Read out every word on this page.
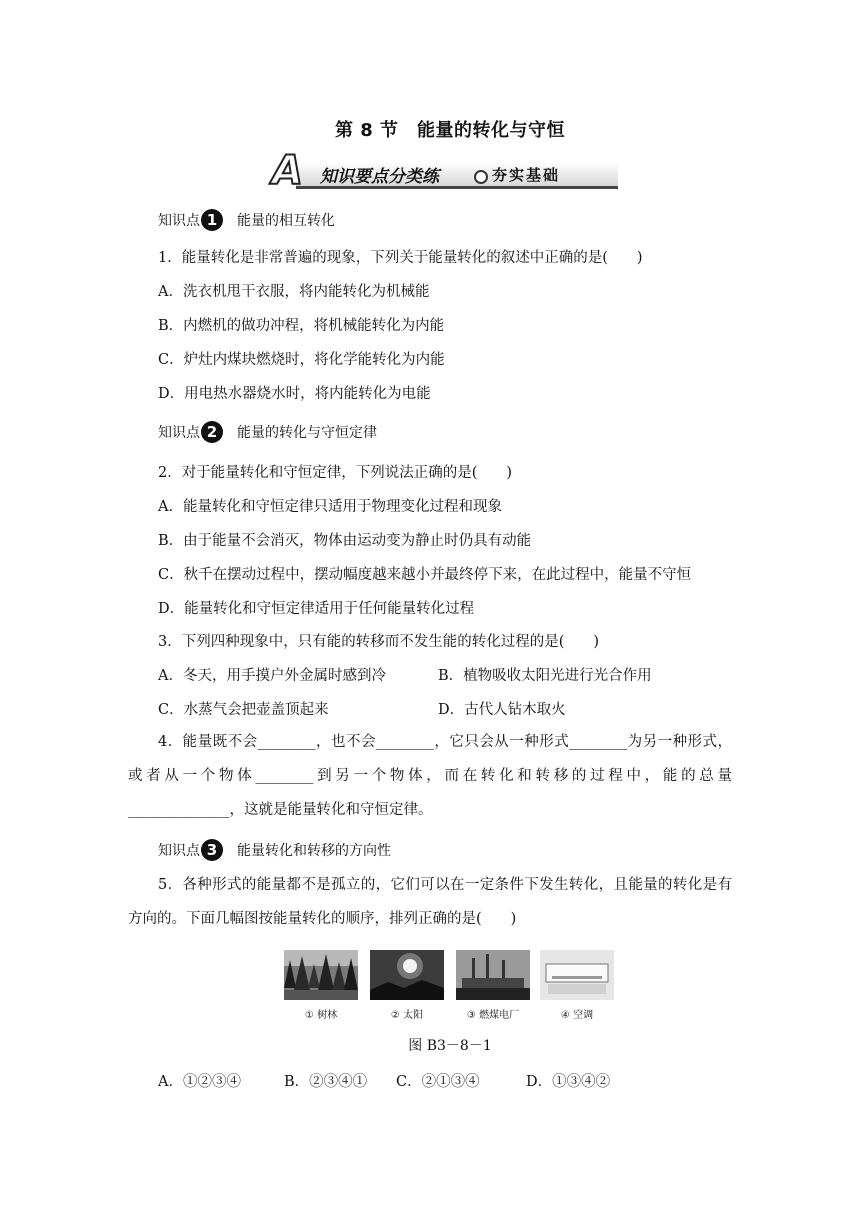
第 8 节　能量的转化与守恒
A 知识要点分类练	夯实基础
知识点 1	能量的相互转化
1．能量转化是非常普遍的现象，下列关于能量转化的叙述中正确的是(　　)
A．洗衣机甩干衣服，将内能转化为机械能
B．内燃机的做功冲程，将机械能转化为内能
C．炉灶内煤块燃烧时，将化学能转化为内能
D．用电热水器烧水时，将内能转化为电能
知识点 2	能量的转化与守恒定律
2．对于能量转化和守恒定律，下列说法正确的是(　　)
A．能量转化和守恒定律只适用于物理变化过程和现象
B．由于能量不会消灭，物体由运动变为静止时仍具有动能
C．秋千在摆动过程中，摆动幅度越来越小并最终停下来，在此过程中，能量不守恒
D．能量转化和守恒定律适用于任何能量转化过程
3．下列四种现象中，只有能的转移而不发生能的转化过程的是(　　)
A．冬天，用手摸户外金属时感到冷	B．植物吸收太阳光进行光合作用
C．水蒸气会把壶盖顶起来	D．古代人钻木取火
4．能量既不会________，也不会________，它只会从一种形式________为另一种形式，或者从一个物体________到另一个物体，而在转化和转移的过程中，能的总量______________，这就是能量转化和守恒定律。
知识点 3	能量转化和转移的方向性
5．各种形式的能量都不是孤立的，它们可以在一定条件下发生转化，且能量的转化是有方向的。下面几幅图按能量转化的顺序，排列正确的是(　　)
① 树林	② 太阳	③ 燃煤电厂	④ 空调
图 B3－8－1
A．①②③④	B．②③④① C．②①③④	D．①③④②
